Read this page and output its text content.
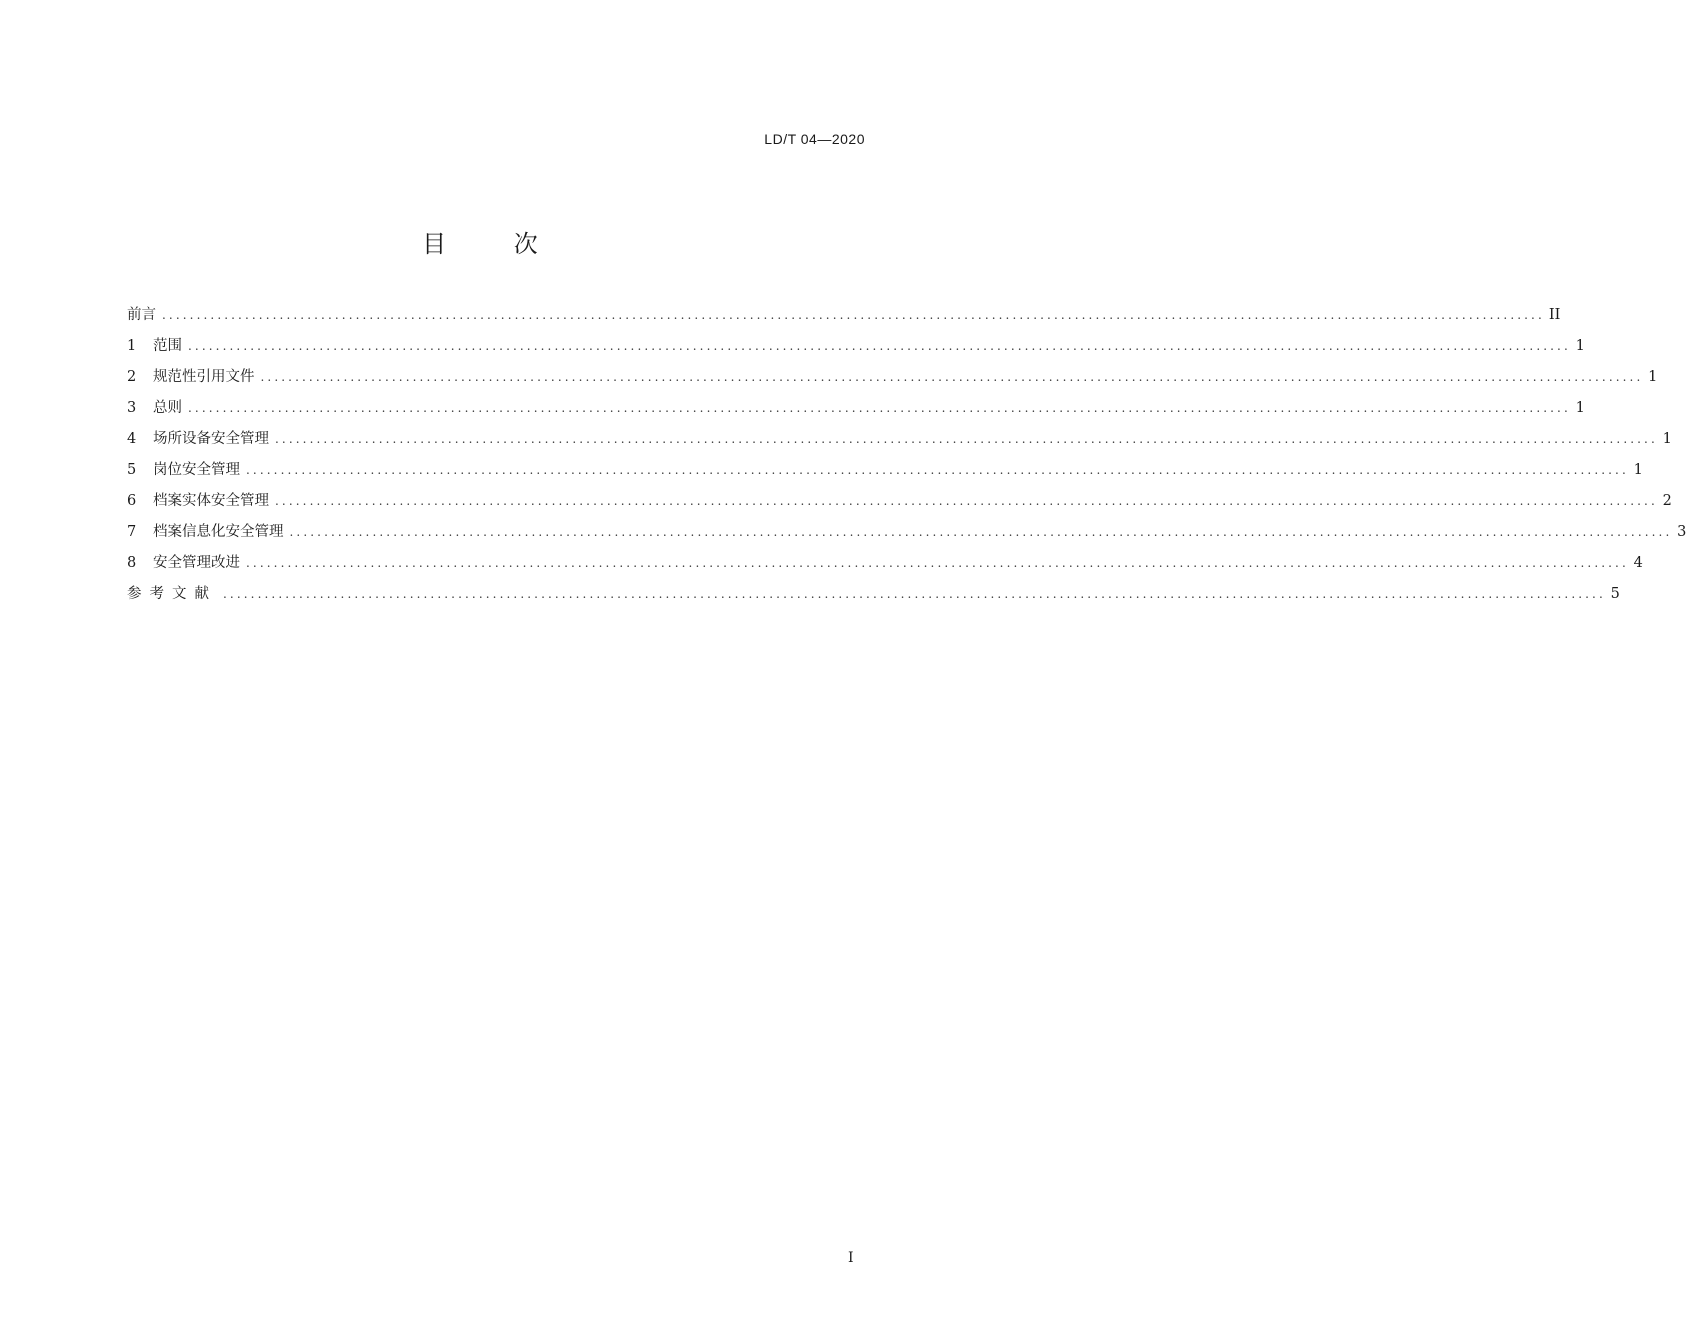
LD/T 04—2020
目 次
前言 ........................................................................................................................................................................................................ II
1	范围 ........................................................................................................................................................................................................ 1
2	规范性引用文件 ........................................................................................................................................................................................................ 1
3	总则 ........................................................................................................................................................................................................ 1
4	场所设备安全管理 ........................................................................................................................................................................................................ 1
5	岗位安全管理 ........................................................................................................................................................................................................ 1
6	档案实体安全管理 ........................................................................................................................................................................................................ 2
7	档案信息化安全管理 ........................................................................................................................................................................................................ 3
8	安全管理改进 ........................................................................................................................................................................................................ 4
参考文献 ........................................................................................................................................................................................................ 5
I
